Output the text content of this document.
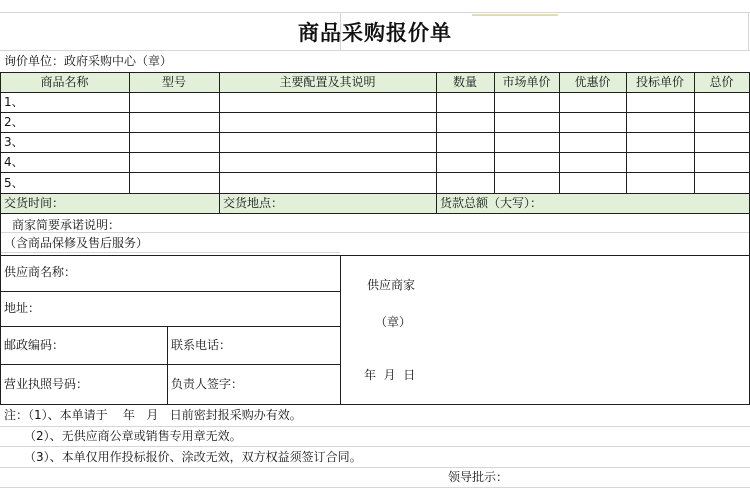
商品采购报价单
询价单位：政府采购中心（章）
商品名称	型号	主要配置及其说明	数量	市场单价	优惠价	投标单价	总价
1、
2、
3、
4、
5、
交货时间：	交货地点：	货款总额（大写）：
商家简要承诺说明：
（含商品保修及售后服务）
供应商名称：
地址：
邮政编码：	联系电话：
营业执照号码：	负责人签字：
供应商家
（章）
年  月  日
注：（1）、本单请于    年   月   日前密封报采购办有效。
（2）、无供应商公章或销售专用章无效。
（3）、本单仅用作投标报价、涂改无效，双方权益须签订合同。
领导批示：
